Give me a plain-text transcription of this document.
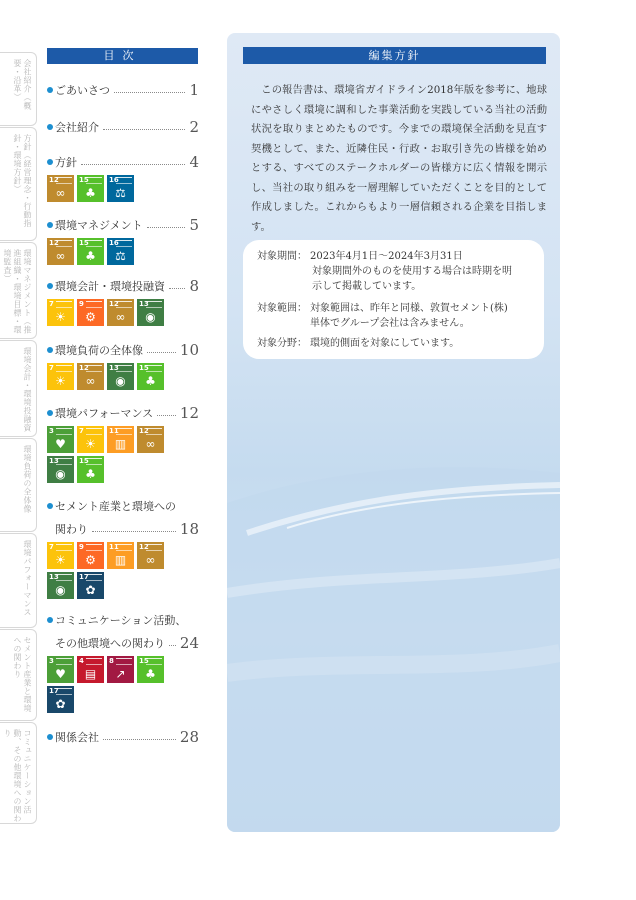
会社紹介（概要・沿革）
方針（経営理念・行動指針・環境方針）
環境マネジメント（推進組織・環境目標・環境監査）
環境会計・環境投融資
環境負荷の全体像
環境パフォーマンス
セメント産業と環境への関わり
コミュニケーション活動、その他環境への関わり
目次
ごあいさつ	1
会社紹介	2
方針	4
12
∞
15
♣
16
⚖
環境マネジメント	5
12
∞
15
♣
16
⚖
環境会計・環境投融資 8
7
☀
9
⚙
12
∞
13
◉
環境負荷の全体像 10
7
☀
12
∞
13
◉
15
♣
環境パフォーマンス 12
3
♥
7
☀
11
▥
12
∞
13
◉
15
♣
セメント産業と環境への
関わり	18
7
☀
9
⚙
11
▥
12
∞
13
◉
17
✿
コミュニケーション活動、
その他環境への関わり 24
3
♥
4
▤
8
↗
15
♣
17
✿
関係会社	28
編集方針
この報告書は、環境省ガイドライン2018年版を参考に、地球にやさしく環境に調和した事業活動を実践している当社の活動状況を取りまとめたものです。今までの環境保全活動を見直す契機として、また、近隣住民・行政・お取引き先の皆様を始めとする、すべてのステークホルダーの皆様方に広く情報を開示し、当社の取り組みを一層理解していただくことを目的として作成しました。これからもより一層信頼される企業を目指します。
対象期間： 2023年4月1日～2024年3月31日
対象期間外のものを使用する場合は時期を明
示して掲載しています。
対象範囲： 対象範囲は、昨年と同様、敦賀セメント(株)
単体でグループ会社は含みません。
対象分野： 環境的側面を対象にしています。
